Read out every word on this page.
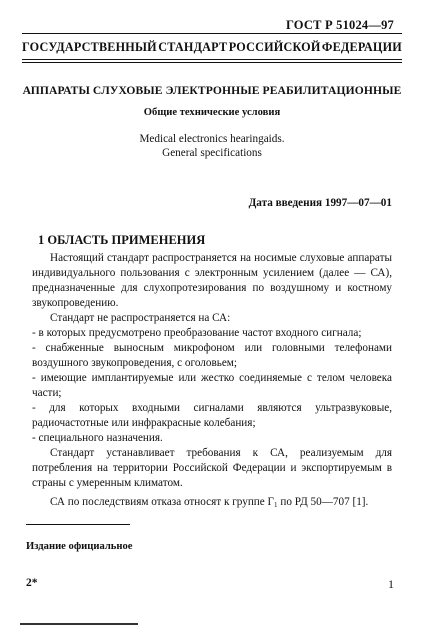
ГОСТ Р 51024—97
ГОСУДАРСТВЕННЫЙ СТАНДАРТ РОССИЙСКОЙ ФЕДЕРАЦИИ
АППАРАТЫ СЛУХОВЫЕ ЭЛЕКТРОННЫЕ РЕАБИЛИТАЦИОННЫЕ
Общие технические условия
Medical electronics hearingaids.
General specifications
Дата введения 1997—07—01
1 ОБЛАСТЬ ПРИМЕНЕНИЯ

Настоящий стандарт распространяется на носимые слуховые аппараты индивидуального пользования с электронным усилением (далее — СА), предназначенные для слухопротезирования по воздушному и костному звукопроведению.

Стандарт не распространяется на СА:

- в которых предусмотрено преобразование частот входного сигнала;

- снабженные выносным микрофоном или головными телефонами воздушного звукопроведения, с оголовьем;

- имеющие имплантируемые или жестко соединяемые с телом человека части;

- для которых входными сигналами являются ультразвуковые, радиочастотные или инфракрасные колебания;

- специального назначения.

Стандарт устанавливает требования к СА, реализуемым для потребления на территории Российской Федерации и экспортируемым в страны с умеренным климатом.

СА по последствиям отказа относят к группе $Г_1$ по РД 50—707 [1].

Издание официальное
2*	1
